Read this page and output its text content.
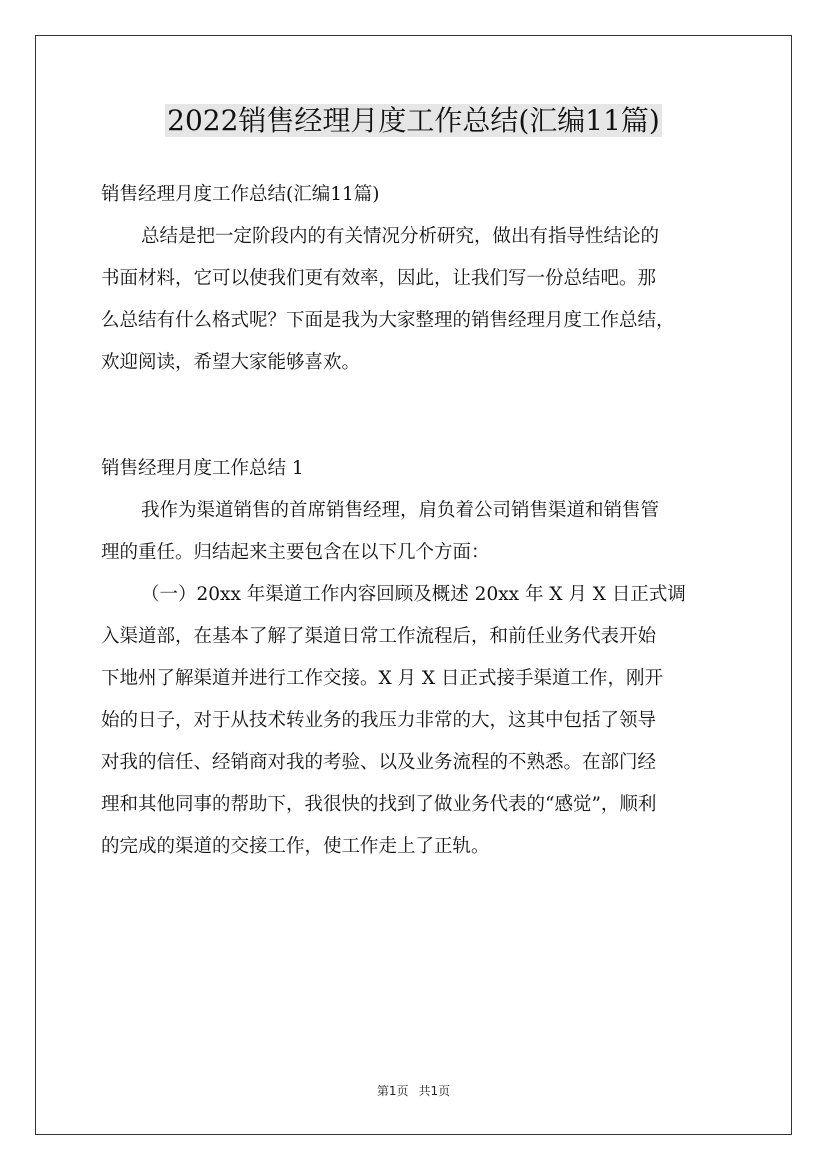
2022销售经理月度工作总结(汇编11篇)
销售经理月度工作总结(汇编11篇)
总结是把一定阶段内的有关情况分析研究，做出有指导性结论的
书面材料，它可以使我们更有效率，因此，让我们写一份总结吧。那
么总结有什么格式呢？下面是我为大家整理的销售经理月度工作总结，
欢迎阅读，希望大家能够喜欢。
销售经理月度工作总结 1
我作为渠道销售的首席销售经理，肩负着公司销售渠道和销售管
理的重任。归结起来主要包含在以下几个方面：
（一）20xx 年渠道工作内容回顾及概述 20xx 年 X 月 X 日正式调
入渠道部，在基本了解了渠道日常工作流程后，和前任业务代表开始
下地州了解渠道并进行工作交接。X 月 X 日正式接手渠道工作，刚开
始的日子，对于从技术转业务的我压力非常的大，这其中包括了领导
对我的信任、经销商对我的考验、以及业务流程的不熟悉。在部门经
理和其他同事的帮助下，我很快的找到了做业务代表的“感觉”，顺利
的完成的渠道的交接工作，使工作走上了正轨。
第1页 共1页
